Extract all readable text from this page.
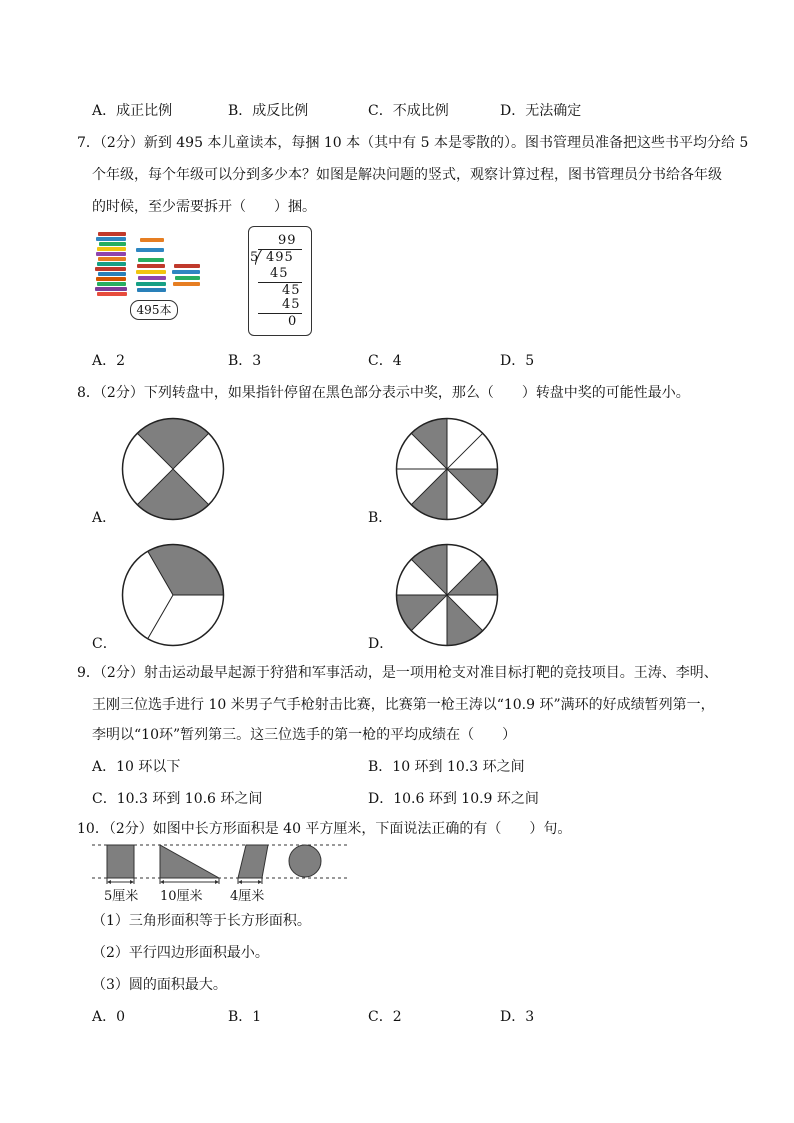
A．成正比例	B．成反比例	C．不成比例	D．无法确定
7．（2分）新到 495 本儿童读本，每捆 10 本（其中有 5 本是零散的）。图书管理员准备把这些书平均分给 5
个年级，每个年级可以分到多少本？如图是解决问题的竖式，观察计算过程，图书管理员分书给各年级
的时候，至少需要拆开（　　）捆。
495本
99
5 495
45
45
45
0
A．2	B．3	C．4	D．5
8．（2分）下列转盘中，如果指针停留在黑色部分表示中奖，那么（　　）转盘中奖的可能性最小。
A．	B．
C．	D．
9．（2分）射击运动最早起源于狩猎和军事活动，是一项用枪支对准目标打靶的竞技项目。王涛、李明、
王刚三位选手进行 10 米男子气手枪射击比赛，比赛第一枪王涛以“10.9 环”满环的好成绩暂列第一，
李明以“10环”暂列第三。这三位选手的第一枪的平均成绩在（　　）
A．10 环以下	B．10 环到 10.3 环之间
C．10.3 环到 10.6 环之间	D．10.6 环到 10.9 环之间
10．（2分）如图中长方形面积是 40 平方厘米，下面说法正确的有（　　）句。
5厘米 10厘米 4厘米
（1）三角形面积等于长方形面积。
（2）平行四边形面积最小。
（3）圆的面积最大。
A．0	B．1	C．2	D．3
